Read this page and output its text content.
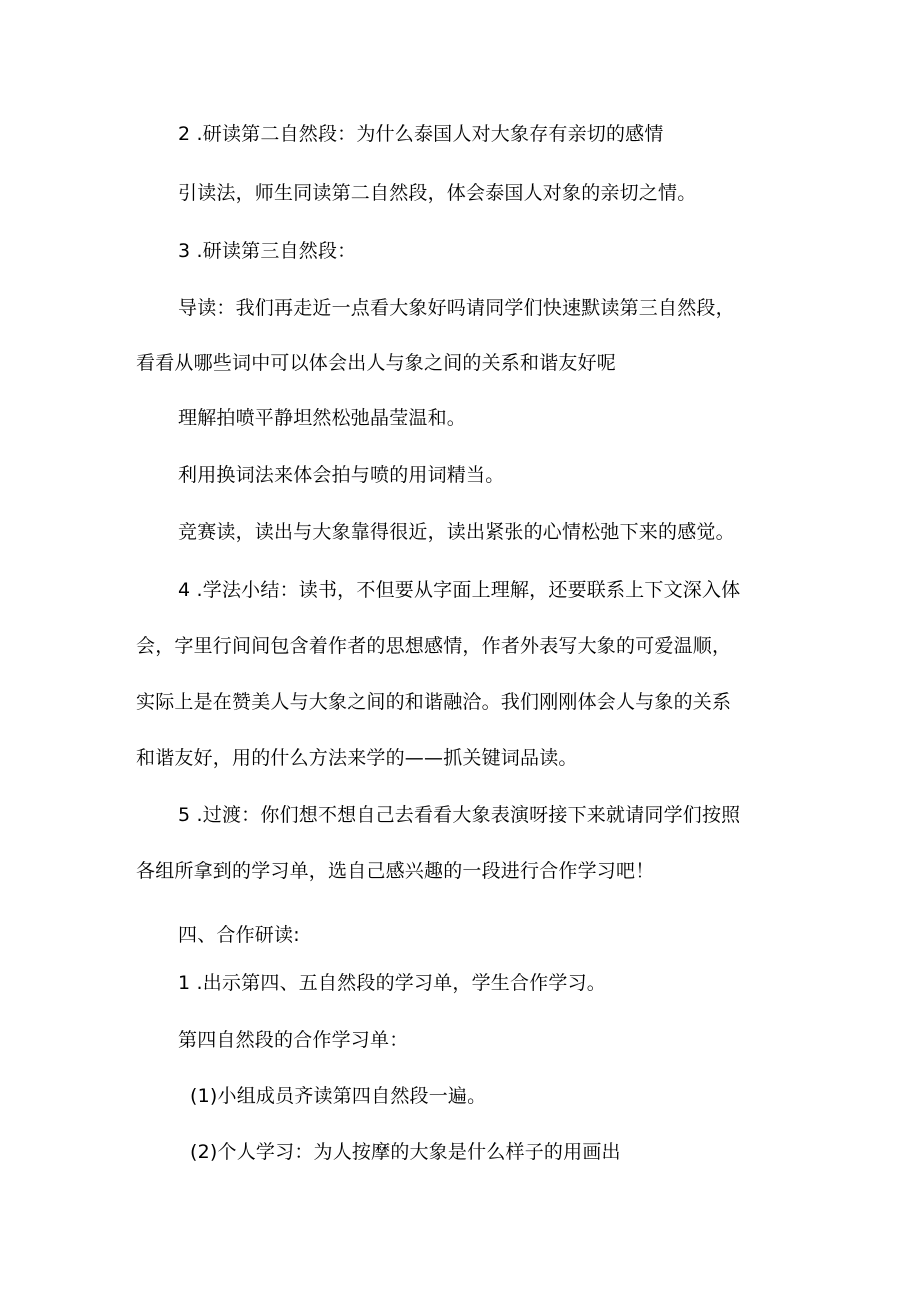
2 .研读第二自然段：为什么泰国人对大象存有亲切的感情
引读法，师生同读第二自然段，体会泰国人对象的亲切之情。
3 .研读第三自然段：
导读：我们再走近一点看大象好吗请同学们快速默读第三自然段，
看看从哪些词中可以体会出人与象之间的关系和谐友好呢
理解拍喷平静坦然松弛晶莹温和。
利用换词法来体会拍与喷的用词精当。
竞赛读，读出与大象靠得很近，读出紧张的心情松弛下来的感觉。
4 .学法小结：读书，不但要从字面上理解，还要联系上下文深入体
会，字里行间间包含着作者的思想感情，作者外表写大象的可爱温顺，
实际上是在赞美人与大象之间的和谐融洽。我们刚刚体会人与象的关系
和谐友好，用的什么方法来学的——抓关键词品读。
5 .过渡：你们想不想自己去看看大象表演呀接下来就请同学们按照
各组所拿到的学习单，选自己感兴趣的一段进行合作学习吧！
四、合作研读:
1 .出示第四、五自然段的学习单，学生合作学习。
第四自然段的合作学习单：
(1)小组成员齐读第四自然段一遍。
(2)个人学习：为人按摩的大象是什么样子的用画出
